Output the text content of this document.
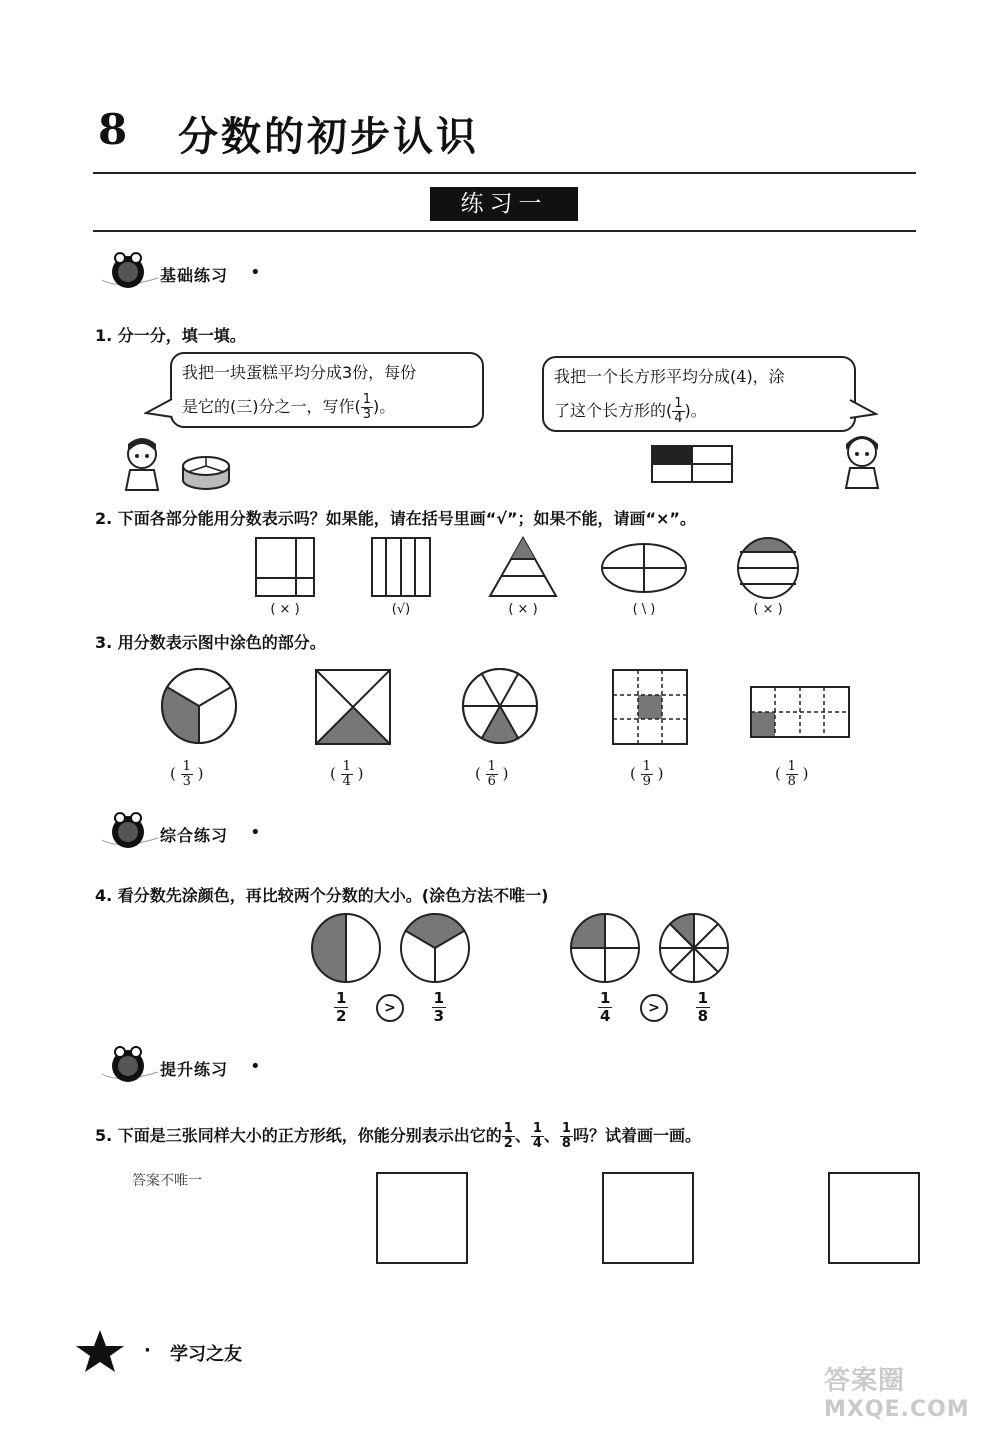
8 分数的初步认识
练习一
基础练习 •
1. 分一分，填一填。
我把一块蛋糕平均分成3份，每份
是它的(三)分之一，写作( $\frac{1}{3}$ )。
我把一个长方形平均分成(4)，涂
了这个长方形的( $\frac{1}{4}$ )。
2. 下面各部分能用分数表示吗？如果能，请在括号里画“√”；如果不能，请画“×”。
( × )	(√)	( × )	( \ )	( × )
3. 用分数表示图中涂色的部分。
( $\frac{1}{3}$ )	( $\frac{1}{4}$ )	( $\frac{1}{6}$ )	( $\frac{1}{9}$ )	( $\frac{1}{8}$ )
综合练习 •
4. 看分数先涂颜色，再比较两个分数的大小。(涂色方法不唯一)
$\frac{1}{2}$	> $\frac{1}{3}$	$\frac{1}{4}$	> $\frac{1}{8}$
提升练习 •
5. 下面是三张同样大小的正方形纸，你能分别表示出它的 $\frac{1}{2}$ 、 $\frac{1}{4}$ 、 $\frac{1}{8}$ 吗？试着画一画。
答案不唯一
· 学习之友
答案圈
MXQE.COM
